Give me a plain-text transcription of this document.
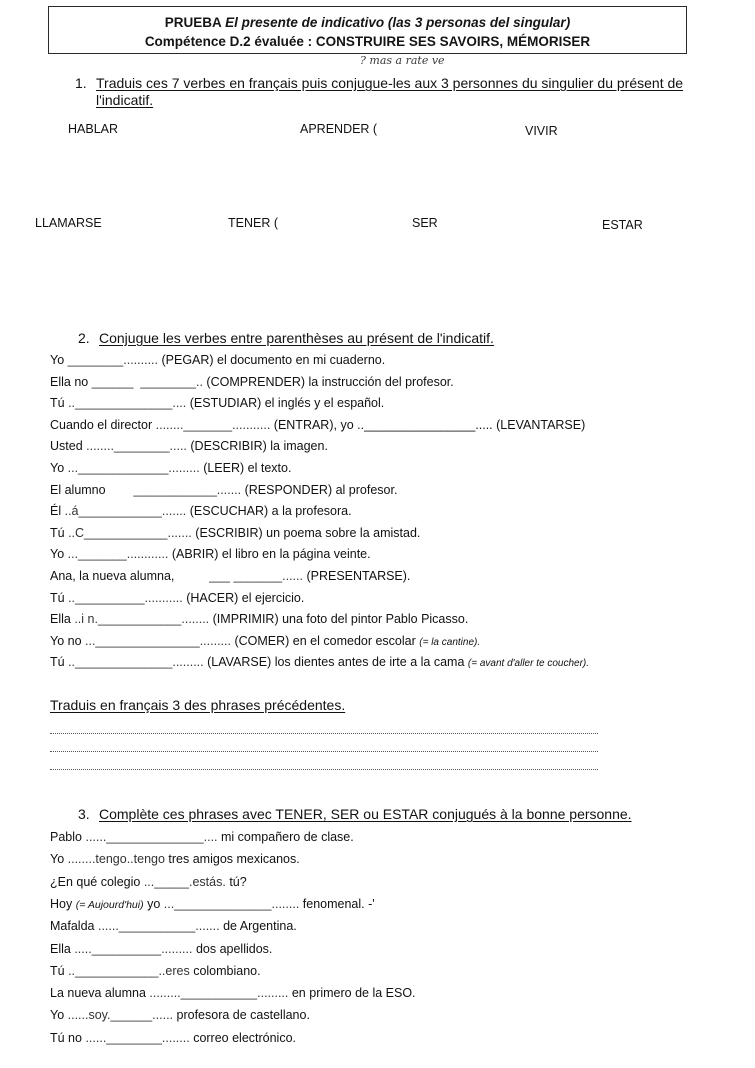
PRUEBA El presente de indicativo (las 3 personas del singular)
Compétence D.2 évaluée : CONSTRUIRE SES SAVOIRS, MÉMORISER
? mas a rate ve
1. Traduis ces 7 verbes en français puis conjugue-les aux 3 personnes du singulier du présent de l'indicatif.
HABLAR	APRENDER (	VIVIR
LLAMARSE	TENER (	SER	ESTAR
2. Conjugue les verbes entre parenthèses au présent de l'indicatif.
Yo ________.......... (PEGAR) el documento en mi cuaderno.
Ella no ______  ________.. (COMPRENDER) la instrucción del profesor.
Tú ..______________.... (ESTUDIAR) el inglés y el español.
Cuando el director ........_______........... (ENTRAR), yo ..________________..... (LEVANTARSE)
Usted ........________..... (DESCRIBIR) la imagen.
Yo ..._____________......... (LEER) el texto.
El alumno        ____________....... (RESPONDER) al profesor.
Él ..á____________....... (ESCUCHAR) a la profesora.
Tú ..C____________....... (ESCRIBIR) un poema sobre la amistad.
Yo ..._______............ (ABRIR) el libro en la página veinte.
Ana, la nueva alumna,          ___ _______...... (PRESENTARSE).
Tú ..__________........... (HACER) el ejercicio.
Ella ..i n.____________........ (IMPRIMIR) una foto del pintor Pablo Picasso.
Yo no ..._______________......... (COMER) en el comedor escolar (= la cantine).
Tú ..______________......... (LAVARSE) los dientes antes de irte a la cama (= avant d'aller te coucher).
Traduis en français 3 des phrases précédentes.
3. Complète ces phrases avec TENER, SER ou ESTAR conjugués à la bonne personne.
Pablo ......______________.... mi compañero de clase.
Yo ........tengo..tengo tres amigos mexicanos.
¿En qué colegio ..._____.estás. tú?
Hoy (= Aujourd'hui) yo ...______________........ fenomenal. -'
Mafalda ......___________....... de Argentina.
Ella .....__________......... dos apellidos.
Tú ..____________..eres colombiano.
La nueva alumna .........___________......... en primero de la ESO.
Yo ......soy.______...... profesora de castellano.
Tú no ......________........ correo electrónico.
